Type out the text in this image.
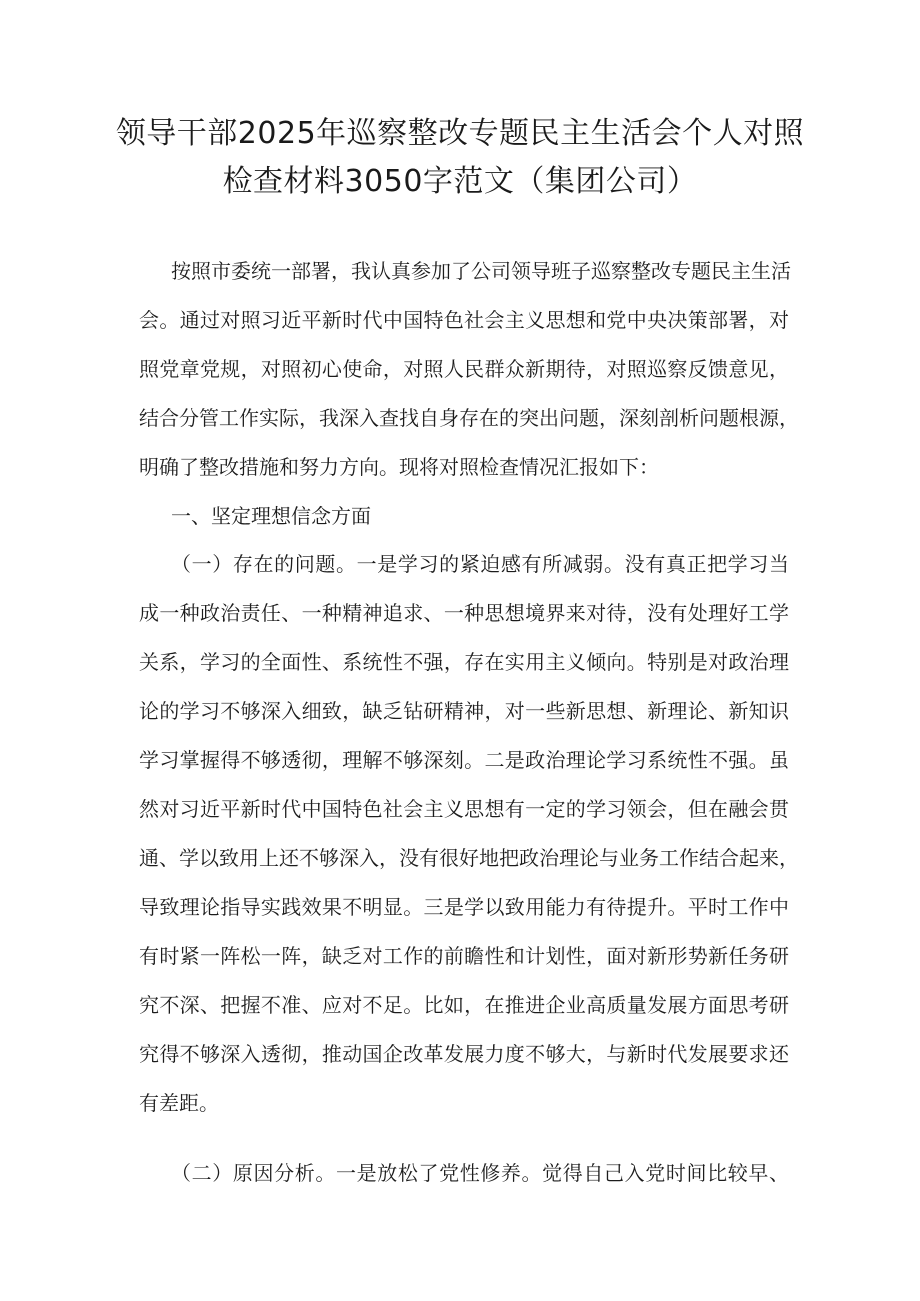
领导干部2025年巡察整改专题民主生活会个人对照
检查材料3050字范文（集团公司）
按照市委统一部署，我认真参加了公司领导班子巡察整改专题民主生活
会。通过对照习近平新时代中国特色社会主义思想和党中央决策部署，对
照党章党规，对照初心使命，对照人民群众新期待，对照巡察反馈意见，
结合分管工作实际，我深入查找自身存在的突出问题，深刻剖析问题根源，
明确了整改措施和努力方向。现将对照检查情况汇报如下：
一、坚定理想信念方面
（一）存在的问题。一是学习的紧迫感有所减弱。没有真正把学习当
成一种政治责任、一种精神追求、一种思想境界来对待，没有处理好工学
关系，学习的全面性、系统性不强，存在实用主义倾向。特别是对政治理
论的学习不够深入细致，缺乏钻研精神，对一些新思想、新理论、新知识
学习掌握得不够透彻，理解不够深刻。二是政治理论学习系统性不强。虽
然对习近平新时代中国特色社会主义思想有一定的学习领会，但在融会贯
通、学以致用上还不够深入，没有很好地把政治理论与业务工作结合起来，
导致理论指导实践效果不明显。三是学以致用能力有待提升。平时工作中
有时紧一阵松一阵，缺乏对工作的前瞻性和计划性，面对新形势新任务研
究不深、把握不准、应对不足。比如，在推进企业高质量发展方面思考研
究得不够深入透彻，推动国企改革发展力度不够大，与新时代发展要求还
有差距。
（二）原因分析。一是放松了党性修养。觉得自己入党时间比较早、
